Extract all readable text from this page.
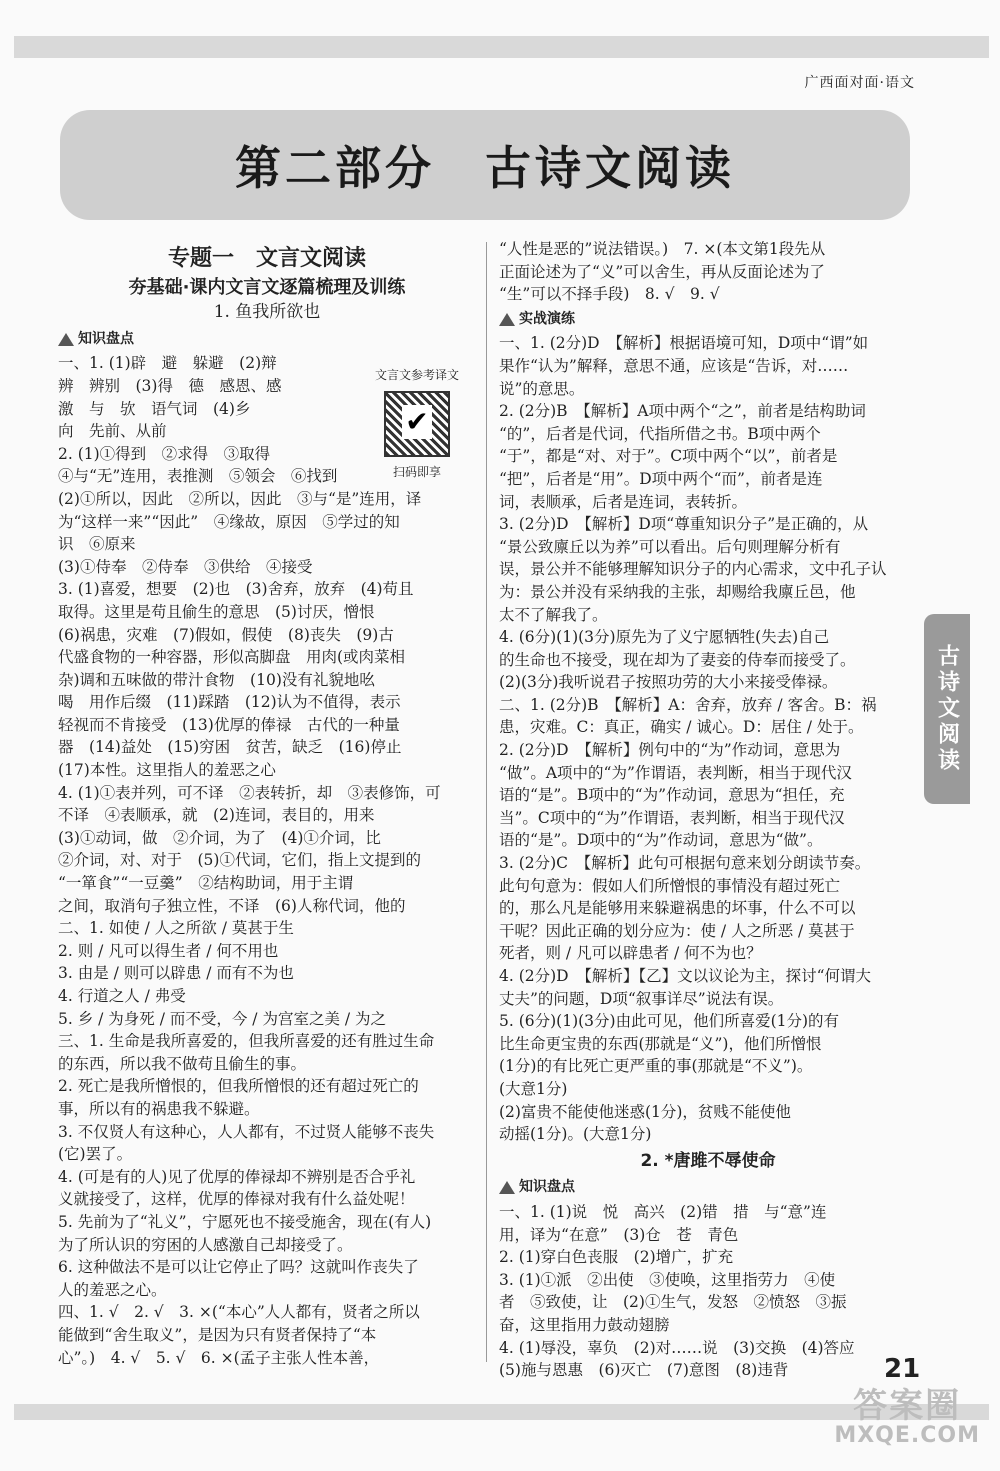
广西面对面·语文
第二部分　古诗文阅读
专题一　文言文阅读
夯基础·课内文言文逐篇梳理及训练
1. 鱼我所欲也
文言文参考译文
✔
扫码即享
知识盘点

一、1. (1)辟　避　躲避　(2)辩

辨　辨别　(3)得　德　感恩、感

激　与　欤　语气词　(4)乡

向　先前、从前

2. (1)①得到　②求得　③取得

④与“无”连用，表推测　⑤领会　⑥找到

(2)①所以，因此　②所以，因此　③与“是”连用，译

为“这样一来”“因此”　④缘故，原因　⑤学过的知

识　⑥原来

(3)①侍奉　②侍奉　③供给　④接受

3. (1)喜爱，想要　(2)也　(3)舍弃，放弃　(4)苟且

取得。这里是苟且偷生的意思　(5)讨厌，憎恨

(6)祸患，灾难　(7)假如，假使　(8)丧失　(9)古

代盛食物的一种容器，形似高脚盘　用肉(或肉菜相

杂)调和五味做的带汁食物　(10)没有礼貌地吆

喝　用作后缀　(11)踩踏　(12)认为不值得，表示

轻视而不肯接受　(13)优厚的俸禄　古代的一种量

器　(14)益处　(15)穷困　贫苦，缺乏　(16)停止

(17)本性。这里指人的羞恶之心

4. (1)①表并列，可不译　②表转折，却　③表修饰，可

不译　④表顺承，就　(2)连词，表目的，用来

(3)①动词，做　②介词，为了　(4)①介词，比

②介词，对、对于　(5)①代词，它们，指上文提到的

“一箪食”“一豆羹”　②结构助词，用于主谓

之间，取消句子独立性，不译　(6)人称代词，他的

二、1. 如使 / 人之所欲 / 莫甚于生

2. 则 / 凡可以得生者 / 何不用也

3. 由是 / 则可以辟患 / 而有不为也

4. 行道之人 / 弗受

5. 乡 / 为身死 / 而不受，今 / 为宫室之美 / 为之

三、1. 生命是我所喜爱的，但我所喜爱的还有胜过生命

的东西，所以我不做苟且偷生的事。

2. 死亡是我所憎恨的，但我所憎恨的还有超过死亡的

事，所以有的祸患我不躲避。

3. 不仅贤人有这种心，人人都有，不过贤人能够不丧失

(它)罢了。

4. (可是有的人)见了优厚的俸禄却不辨别是否合乎礼

义就接受了，这样，优厚的俸禄对我有什么益处呢！

5. 先前为了“礼义”，宁愿死也不接受施舍，现在(有人)

为了所认识的穷困的人感激自己却接受了。

6. 这种做法不是可以让它停止了吗？这就叫作丧失了

人的羞恶之心。

四、1. √　2. √　3. ×(“本心”人人都有，贤者之所以

能做到“舍生取义”，是因为只有贤者保持了“本

心”。)　4. √　5. √　6. ×(孟子主张人性本善，

“人性是恶的”说法错误。)　7. ×(本文第1段先从

正面论述为了“义”可以舍生，再从反面论述为了

“生”可以不择手段)　8. √　9. √

实战演练

一、1. (2分)D　【解析】根据语境可知，D项中“谓”如

果作“认为”解释，意思不通，应该是“告诉，对……

说”的意思。

2. (2分)B　【解析】A项中两个“之”，前者是结构助词

“的”，后者是代词，代指所借之书。B项中两个

“于”，都是“对、对于”。C项中两个“以”，前者是

“把”，后者是“用”。D项中两个“而”，前者是连

词，表顺承，后者是连词，表转折。

3. (2分)D　【解析】D项“尊重知识分子”是正确的，从

“景公致廪丘以为养”可以看出。后句则理解分析有

误，景公并不能够理解知识分子的内心需求，文中孔子认

为：景公并没有采纳我的主张，却赐给我廪丘邑，他

太不了解我了。

4. (6分)(1)(3分)原先为了义宁愿牺牲(失去)自己

的生命也不接受，现在却为了妻妾的侍奉而接受了。

(2)(3分)我听说君子按照功劳的大小来接受俸禄。

二、1. (2分)B　【解析】A：舍弃，放弃 / 客舍。B：祸

患，灾难。C：真正，确实 / 诚心。D：居住 / 处于。

2. (2分)D　【解析】例句中的“为”作动词，意思为

“做”。A项中的“为”作谓语，表判断，相当于现代汉

语的“是”。B项中的“为”作动词，意思为“担任，充

当”。C项中的“为”作谓语，表判断，相当于现代汉

语的“是”。D项中的“为”作动词，意思为“做”。

3. (2分)C　【解析】此句可根据句意来划分朗读节奏。

此句句意为：假如人们所憎恨的事情没有超过死亡

的，那么凡是能够用来躲避祸患的坏事，什么不可以

干呢？因此正确的划分应为：使 / 人之所恶 / 莫甚于

死者，则 / 凡可以辟患者 / 何不为也？

4. (2分)D　【解析】【乙】文以议论为主，探讨“何谓大

丈夫”的问题，D项“叙事详尽”说法有误。

5. (6分)(1)(3分)由此可见，他们所喜爱(1分)的有

比生命更宝贵的东西(那就是“义”)，他们所憎恨

(1分)的有比死亡更严重的事(那就是“不义”)。

(大意1分)

(2)富贵不能使他迷惑(1分)，贫贱不能使他

动摇(1分)。(大意1分)

2. *唐雎不辱使命
知识盘点

一、1. (1)说　悦　高兴　(2)错　措　与“意”连

用，译为“在意”　(3)仓　苍　青色

2. (1)穿白色丧服　(2)增广，扩充

3. (1)①派　②出使　③使唤，这里指劳力　④使

者　⑤致使，让　(2)①生气，发怒　②愤怒　③振

奋，这里指用力鼓动翅膀

4. (1)辱没，辜负　(2)对……说　(3)交换　(4)答应

(5)施与恩惠　(6)灭亡　(7)意图　(8)违背

古诗文阅读
21
答案圈
MXQE.COM
